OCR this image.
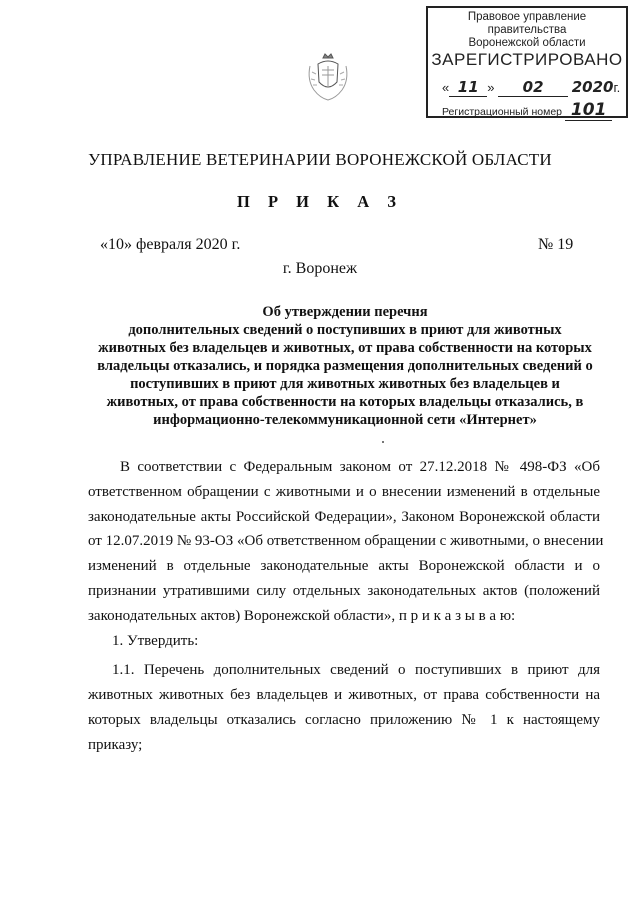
Правовое управление правительства
Воронежской области
ЗАРЕГИСТРИРОВАНО
« 11 » 02 2020г.
Регистрационный номер 101
УПРАВЛЕНИЕ ВЕТЕРИНАРИИ ВОРОНЕЖСКОЙ ОБЛАСТИ
П Р И К А З
«10» февраля 2020 г.	№ 19
г. Воронеж
Об утверждении перечня
дополнительных сведений о поступивших в приют для животных
животных без владельцев и животных, от права собственности на которых
владельцы отказались, и порядка размещения дополнительных сведений о
поступивших в приют для животных животных без владельцев и
животных, от права собственности на которых владельцы отказались, в
информационно-телекоммуникационной сети «Интернет»
В соответствии с Федеральным законом от 27.12.2018 № 498-ФЗ «Об
ответственном обращении с животными и о внесении изменений в отдельные
законодательные акты Российской Федерации», Законом Воронежской области
от 12.07.2019 № 93-ОЗ «Об ответственном обращении с животными, о внесении
изменений в отдельные законодательные акты Воронежской области и о
признании утратившими силу отдельных законодательных актов (положений
законодательных актов) Воронежской области», п р и к а з ы в а ю:
1. Утвердить:
1.1. Перечень дополнительных сведений о поступивших в приют для
животных животных без владельцев и животных, от права собственности на
которых владельцы отказались согласно приложению № 1 к настоящему
приказу;
